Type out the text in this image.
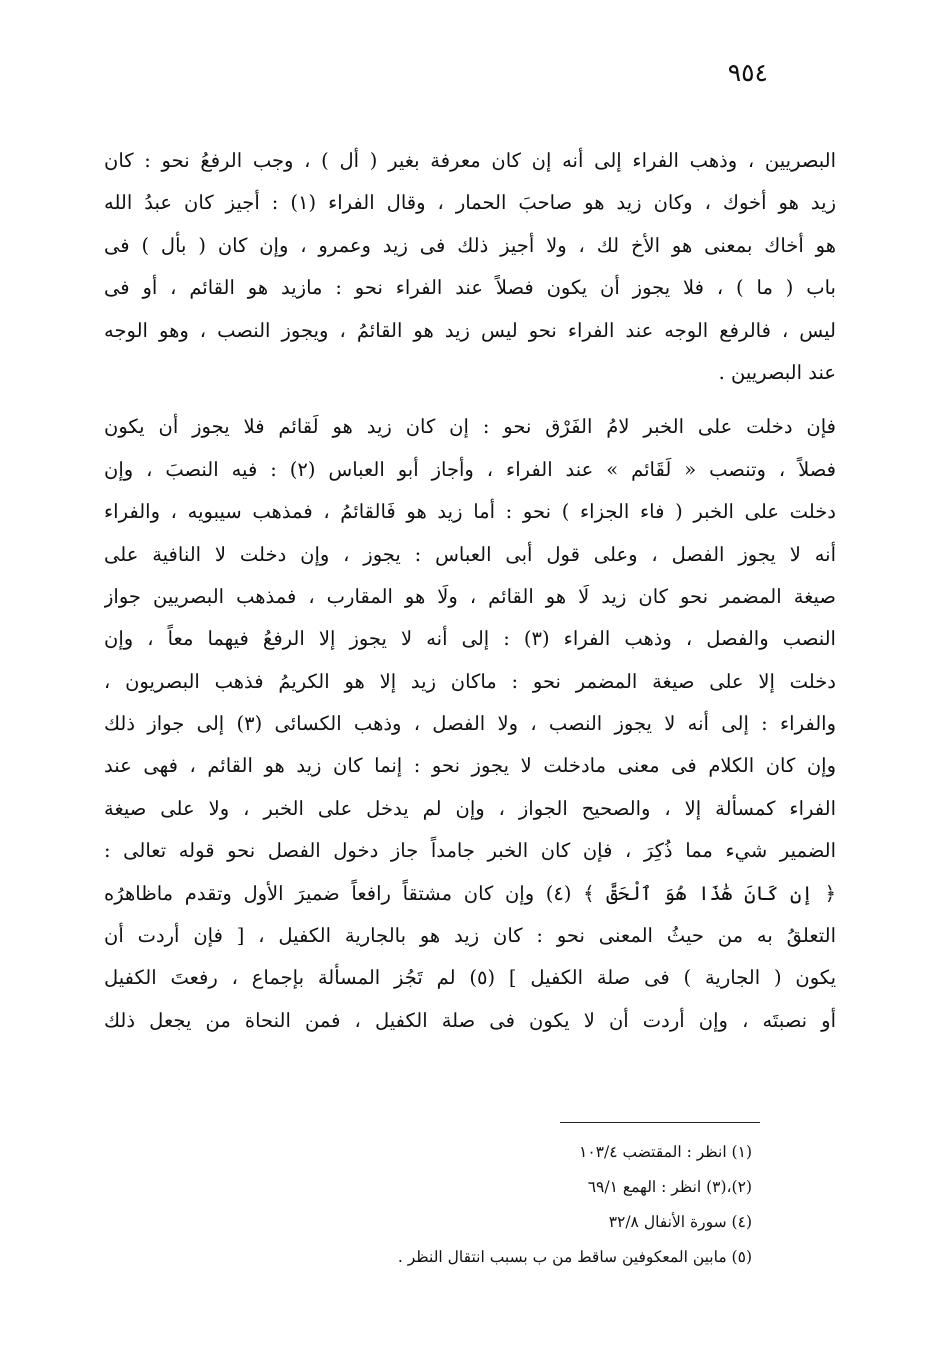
٩٥٤
البصريين ، وذهب الفراء إلى أنه إن كان معرفة بغير ( أل ) ، وجب الرفعُ نحو : كان
زيد هو أخوك ، وكان زيد هو صاحبَ الحمار ، وقال الفراء (١) : أجيز كان عبدُ الله
هو أخاك بمعنى هو الأخ لك ، ولا أجيز ذلك فى زيد وعمرو ، وإن كان ( بأل ) فى
باب ( ما ) ، فلا يجوز أن يكون فصلاً عند الفراء نحو : مازيد هو القائم ، أو فى
ليس ، فالرفع الوجه عند الفراء نحو ليس زيد هو القائمُ ، ويجوز النصب ، وهو الوجه
عند البصريين .
فإن دخلت على الخبر لامُ الفَرْق نحو : إن كان زيد هو لَقائم فلا يجوز أن يكون
فصلاً ، وتنصب « لَقَائم » عند الفراء ، وأجاز أبو العباس (٢) : فيه النصبَ ، وإن
دخلت على الخبر ( فاء الجزاء ) نحو : أما زيد هو فَالقائمُ ، فمذهب سيبويه ، والفراء
أنه لا يجوز الفصل ، وعلى قول أبى العباس : يجوز ، وإن دخلت لا النافية على
صيغة المضمر نحو كان زيد لَا هو القائم ، ولَا هو المقارب ، فمذهب البصريين جواز
النصب والفصل ، وذهب الفراء (٣) : إلى أنه لا يجوز إلا الرفعُ فيهما معاً ، وإن
دخلت إلا على صيغة المضمر نحو : ماكان زيد إلا هو الكريمُ فذهب البصريون ،
والفراء : إلى أنه لا يجوز النصب ، ولا الفصل ، وذهب الكسائى (٣) إلى جواز ذلك
وإن كان الكلام فى معنى مادخلت لا يجوز نحو : إنما كان زيد هو القائم ، فهى عند
الفراء كمسألة إلا ، والصحيح الجواز ، وإن لم يدخل على الخبر ، ولا على صيغة
الضمير شيء مما ذُكِرَ ، فإن كان الخبر جامداً جاز دخول الفصل نحو قوله تعالى :
﴿ إن كَانَ هَٰذَا هُوَ ٱلْحَقَّ ﴾ (٤) وإن كان مشتقاً رافعاً ضميرَ الأول وتقدم ماظاهرُه
التعلقُ به من حيثُ المعنى نحو : كان زيد هو بالجارية الكفيل ، [ فإن أردت أن
يكون ( الجارية ) فى صلة الكفيل ] (٥) لم تَجُز المسألة بإجماع ، رفعتَ الكفيل
أو نصبتَه ، وإن أردت أن لا يكون فى صلة الكفيل ، فمن النحاة من يجعل ذلك
(١) انظر : المقتضب ١٠٣/٤
(٢)،(٣) انظر : الهمع ٦٩/١
(٤) سورة الأنفال ٣٢/٨
(٥) مابين المعكوفين ساقط من ب بسبب انتقال النظر .
